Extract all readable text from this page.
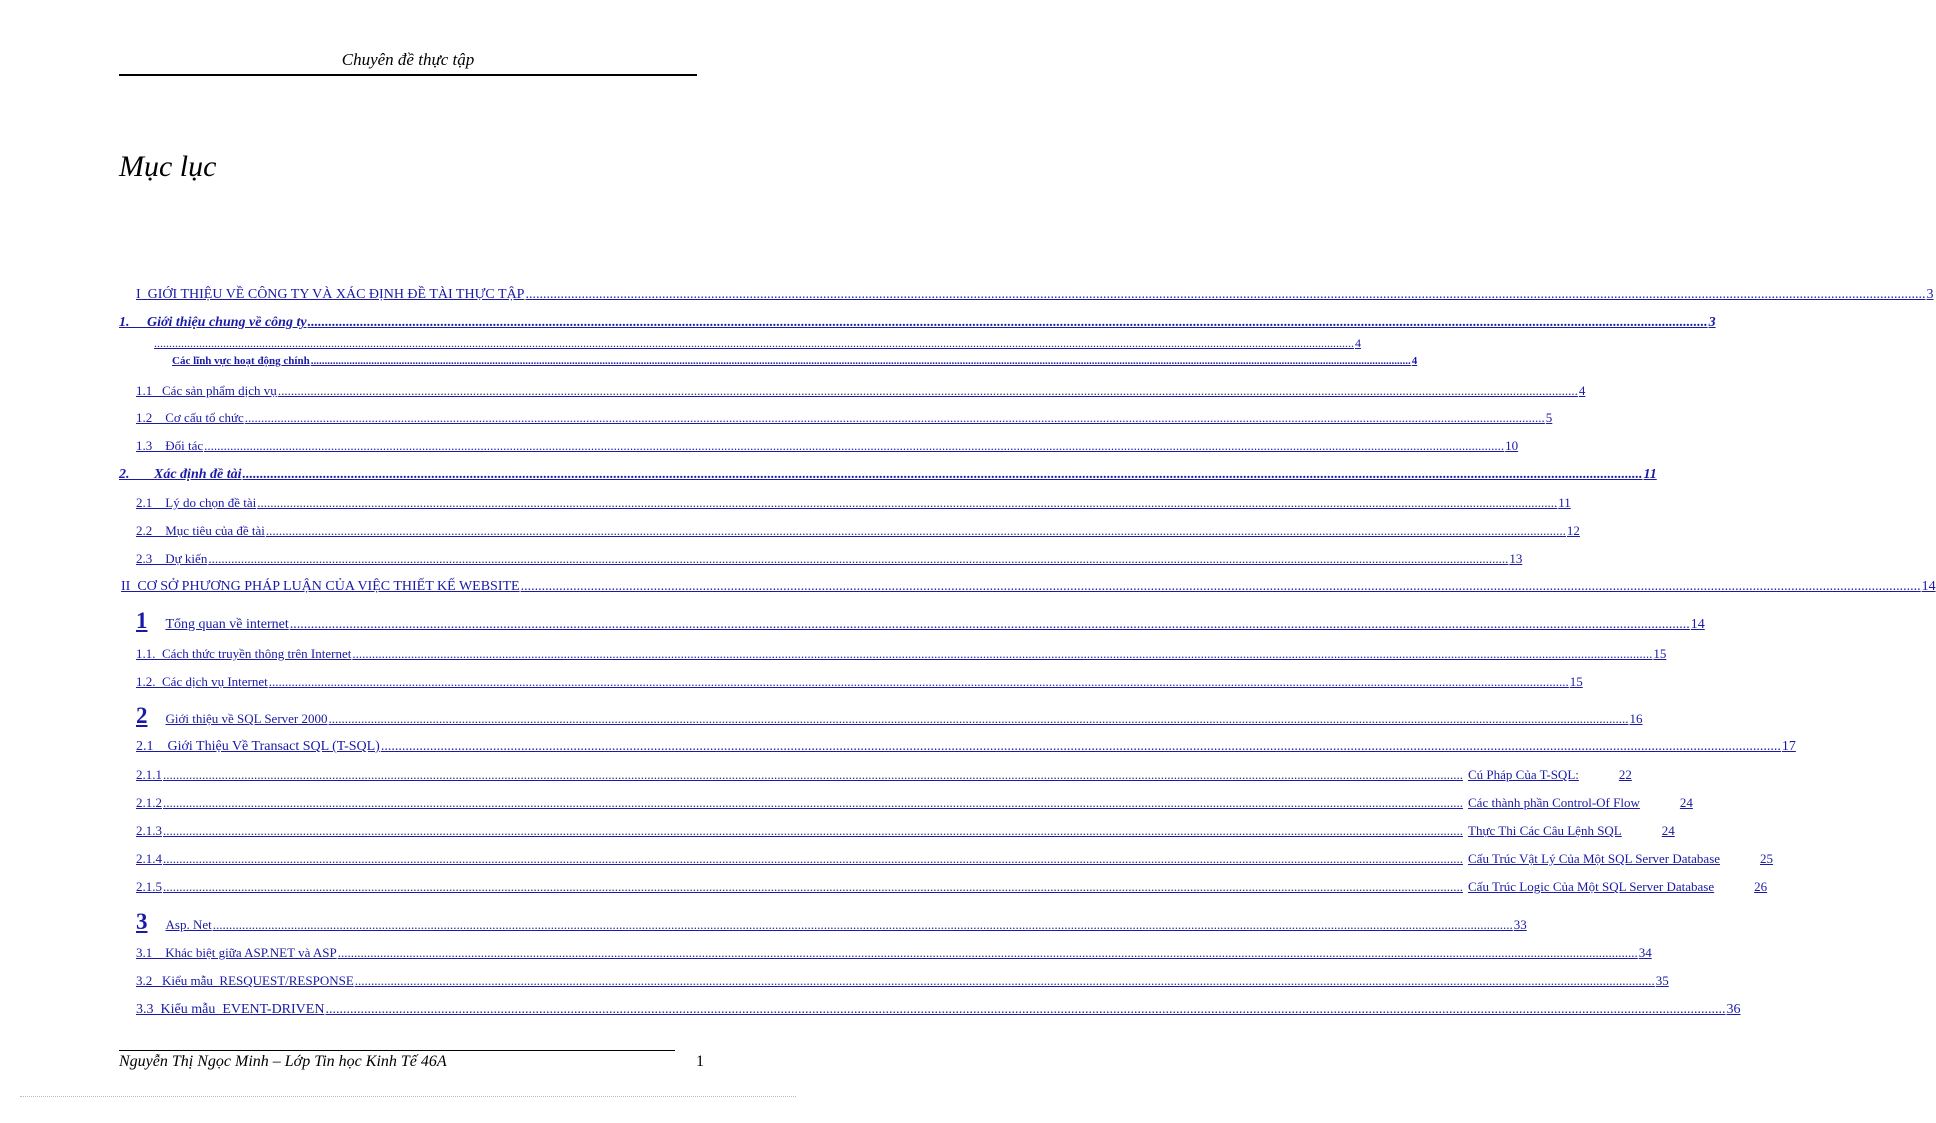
Chuyên đề thực tập
Mục lục
I  GIỚI THIỆU VỀ CÔNG TY VÀ XÁC ĐỊNH ĐỀ TÀI THỰC TẬP ................................................................................................................................................................................................................................................................................................................................................................................................................ 3
1.     Giới thiệu chung về công ty ................................................................................................................................................................................................................................................................................................................................................................................................................ 3
................................................................................................................................................................................................................................................................................................................................................................................................................ 4
Các lĩnh vực hoạt động chính ................................................................................................................................................................................................................................................................................................................................................................................................................ 4
1.1   Các sản phẩm dịch vụ ................................................................................................................................................................................................................................................................................................................................................................................................................ 4
1.2    Cơ cấu tổ chức ................................................................................................................................................................................................................................................................................................................................................................................................................ 5
1.3    Đối tác ................................................................................................................................................................................................................................................................................................................................................................................................................ 10
2.       Xác định đề tài ................................................................................................................................................................................................................................................................................................................................................................................................................ 11
2.1    Lý do chọn đề tài ................................................................................................................................................................................................................................................................................................................................................................................................................ 11
2.2    Mục tiêu của đề tài ................................................................................................................................................................................................................................................................................................................................................................................................................ 12
2.3    Dự kiến ................................................................................................................................................................................................................................................................................................................................................................................................................ 13
II  CƠ SỞ PHƯƠNG PHÁP LUẬN CỦA VIỆC THIẾT KẾ WEBSITE ................................................................................................................................................................................................................................................................................................................................................................................................................ 14
1 Tổng quan về internet ................................................................................................................................................................................................................................................................................................................................................................................................................ 14
1.1.  Cách thức truyền thông trên Internet ................................................................................................................................................................................................................................................................................................................................................................................................................ 15
1.2.  Các dịch vụ Internet ................................................................................................................................................................................................................................................................................................................................................................................................................ 15
2 Giới thiệu về SQL Server 2000 ................................................................................................................................................................................................................................................................................................................................................................................................................ 16
2.1    Giới Thiệu Về Transact SQL (T-SQL) ................................................................................................................................................................................................................................................................................................................................................................................................................ 17
2.1.1 ................................................................................................................................................................................................................................................................................................................................................................................................................ Cú Pháp Của T-SQL:	22
2.1.2 ................................................................................................................................................................................................................................................................................................................................................................................................................ Các thành phần Control-Of Flow	24
2.1.3 ................................................................................................................................................................................................................................................................................................................................................................................................................ Thực Thi Các Câu Lệnh SQL	24
2.1.4 ................................................................................................................................................................................................................................................................................................................................................................................................................ Cấu Trúc Vật Lý Của Một SQL Server Database	25
2.1.5 ................................................................................................................................................................................................................................................................................................................................................................................................................ Cấu Trúc Logic Của Một SQL Server Database	26
3 Asp. Net ................................................................................................................................................................................................................................................................................................................................................................................................................ 33
3.1    Khác biệt giữa ASP.NET và ASP ................................................................................................................................................................................................................................................................................................................................................................................................................ 34
3.2   Kiểu mẫu  RESQUEST/RESPONSE ................................................................................................................................................................................................................................................................................................................................................................................................................ 35
3.3  Kiểu mẫu  EVENT-DRIVEN ................................................................................................................................................................................................................................................................................................................................................................................................................ 36
Nguyễn Thị Ngọc Minh – Lớp Tin học Kinh Tế 46A	1
